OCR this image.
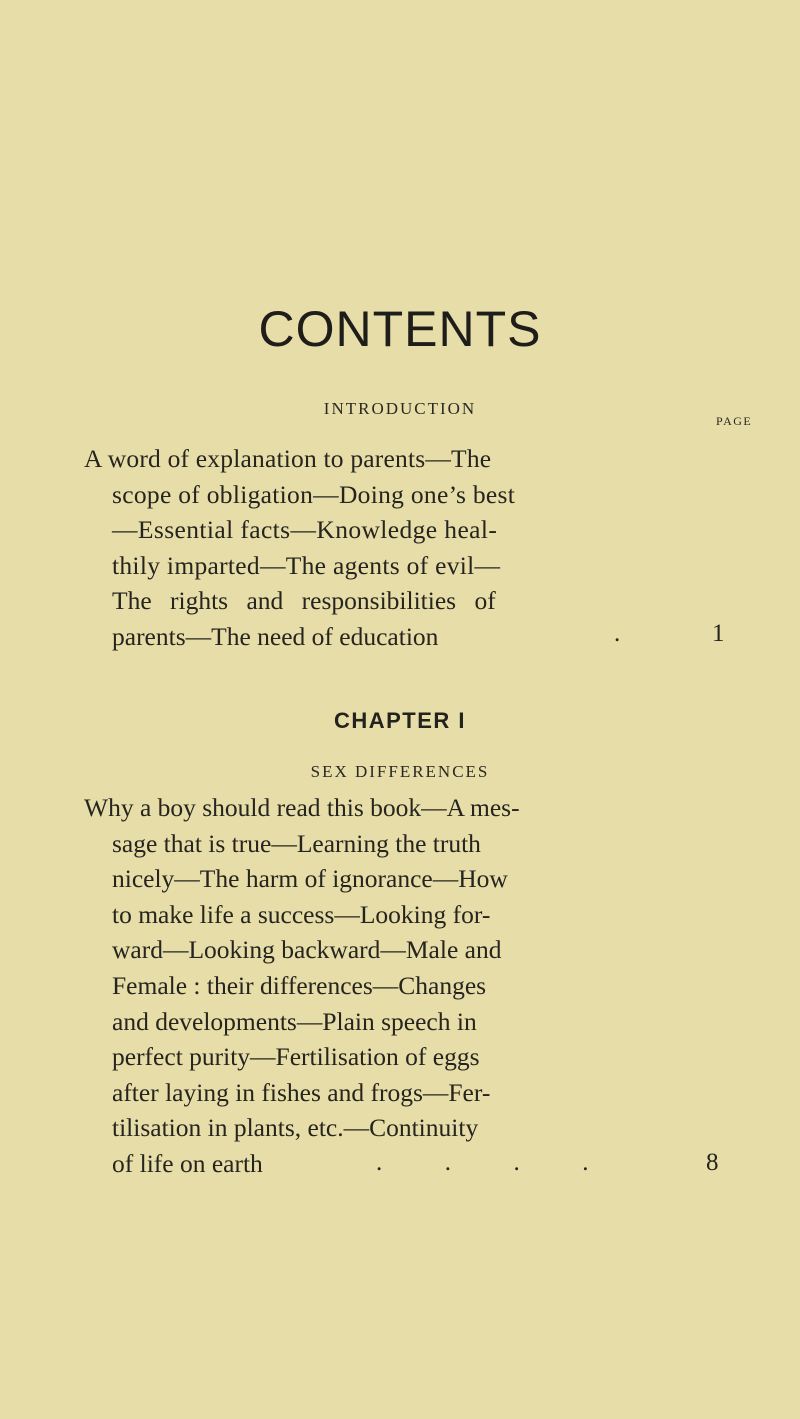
CONTENTS
INTRODUCTION
PAGE
A word of explanation to parents—The
scope of obligation—Doing one’s best
—Essential facts—Knowledge heal-
thily imparted—The agents of evil—
The rights and responsibilities of
parents—The need of education	.	1
CHAPTER I
SEX DIFFERENCES
Why a boy should read this book—A mes-
sage that is true—Learning the truth
nicely—The harm of ignorance—How
to make life a success—Looking for-
ward—Looking backward—Male and
Female : their differences—Changes
and developments—Plain speech in
perfect purity—Fertilisation of eggs
after laying in fishes and frogs—Fer-
tilisation in plants, etc.—Continuity
of life on earth	.          .          .          .	8
